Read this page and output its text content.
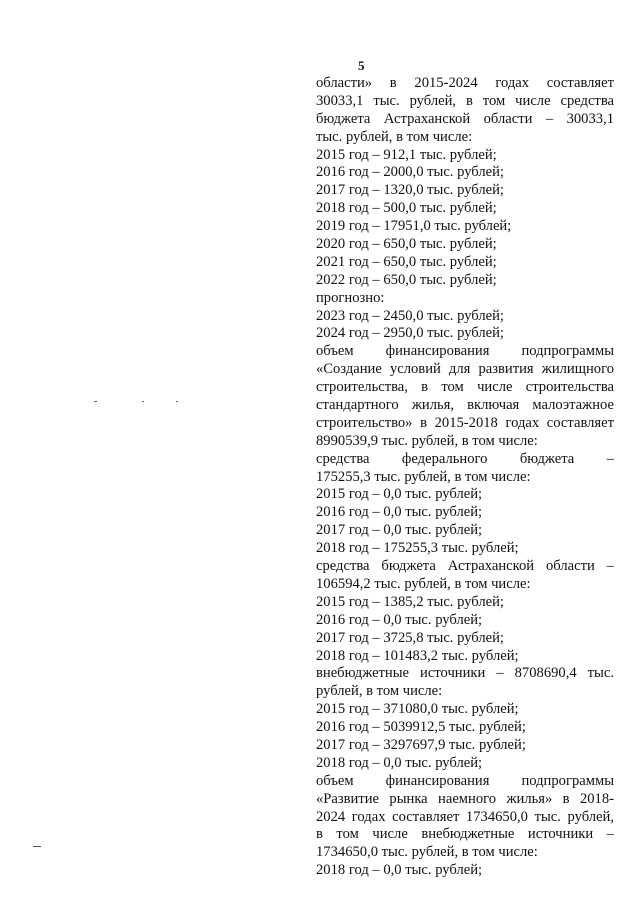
5
области» в 2015-2024 годах составляет
30033,1 тыс. рублей, в том числе средства
бюджета Астраханской области – 30033,1
тыс. рублей, в том числе:
2015 год – 912,1 тыс. рублей;
2016 год – 2000,0 тыс. рублей;
2017 год – 1320,0 тыс. рублей;
2018 год – 500,0 тыс. рублей;
2019 год – 17951,0 тыс. рублей;
2020 год – 650,0 тыс. рублей;
2021 год – 650,0 тыс. рублей;
2022 год – 650,0 тыс. рублей;
прогнозно:
2023 год – 2450,0 тыс. рублей;
2024 год – 2950,0 тыс. рублей;
объем финансирования подпрограммы
«Создание условий для развития жилищного
строительства, в том числе строительства
стандартного жилья, включая малоэтажное
строительство» в 2015-2018 годах составляет
8990539,9 тыс. рублей, в том числе:
средства федерального бюджета –
175255,3 тыс. рублей, в том числе:
2015 год – 0,0 тыс. рублей;
2016 год – 0,0 тыс. рублей;
2017 год – 0,0 тыс. рублей;
2018 год – 175255,3 тыс. рублей;
средства бюджета Астраханской области –
106594,2 тыс. рублей, в том числе:
2015 год – 1385,2 тыс. рублей;
2016 год – 0,0 тыс. рублей;
2017 год – 3725,8 тыс. рублей;
2018 год – 101483,2 тыс. рублей;
внебюджетные источники – 8708690,4 тыс.
рублей, в том числе:
2015 год – 371080,0 тыс. рублей;
2016 год – 5039912,5 тыс. рублей;
2017 год – 3297697,9 тыс. рублей;
2018 год – 0,0 тыс. рублей;
объем финансирования подпрограммы
«Развитие рынка наемного жилья» в 2018-
2024 годах составляет 1734650,0 тыс. рублей,
в том числе внебюджетные источники –
1734650,0 тыс. рублей, в том числе:
2018 год – 0,0 тыс. рублей;
